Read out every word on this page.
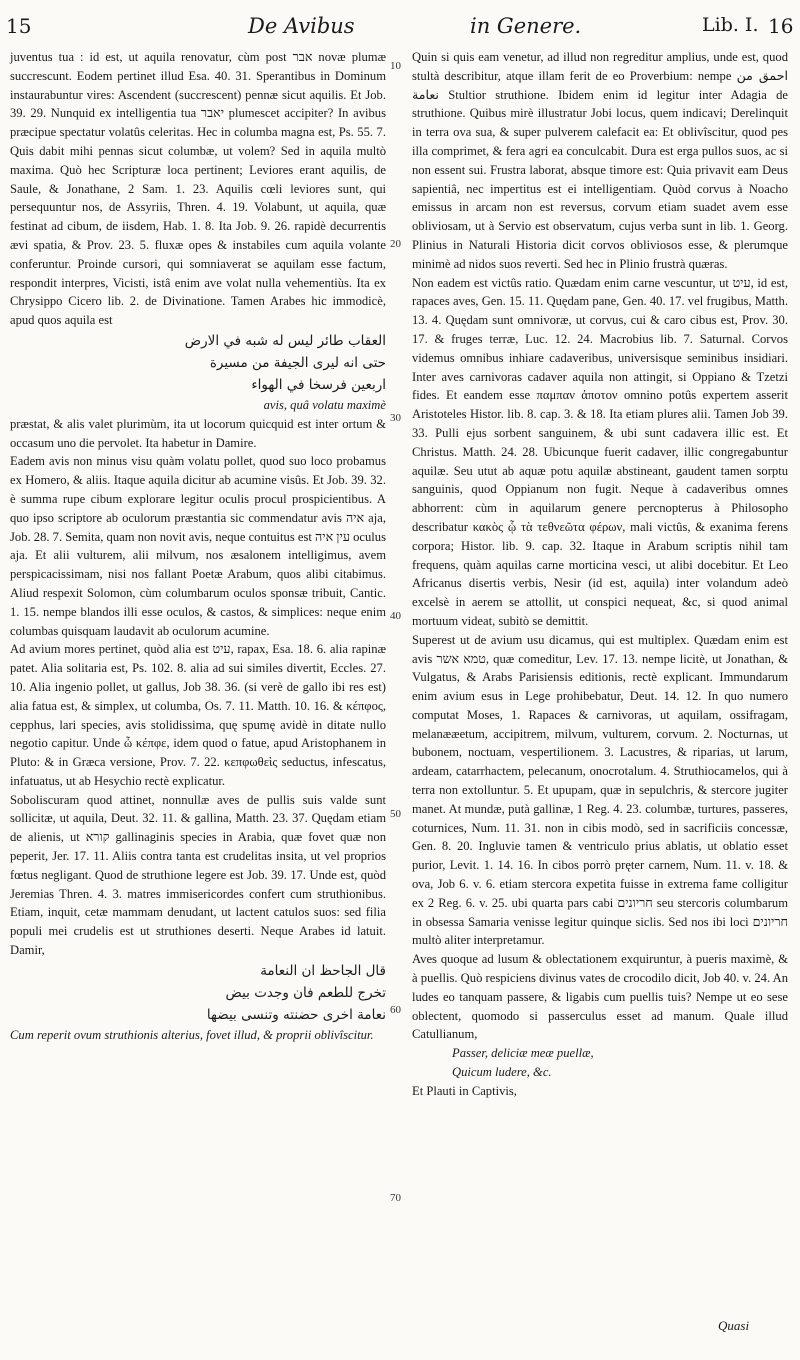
15	De Avibus	in Genere.	Lib. I. 16

juventus tua : id est, ut aquila renovatur, cùm post אבר novæ plumæ succrescunt. Eodem pertinet illud Esa. 40. 31. Sperantibus in Dominum instaurabuntur vires: Ascendent (succrescent) pennæ sicut aquilis. Et Job. 39. 29. Nunquid ex intelligentia tua יאבר plumescet accipiter? In avibus præcipue spectatur volatûs celeritas. Hec in columba magna est, Ps. 55. 7. Quis dabit mihi pennas sicut columbæ, ut volem? Sed in aquila multò maxima. Quò hec Scripturæ loca pertinent; Leviores erant aquilis, de Saule, & Jonathane, 2 Sam. 1. 23. Aquilis cœli leviores sunt, qui persequuntur nos, de Assyriis, Thren. 4. 19. Volabunt, ut aquila, quæ festinat ad cibum, de iisdem, Hab. 1. 8. Ita Job. 9. 26. rapidè decurrentis ævi spatia, & Prov. 23. 5. fluxæ opes & instabiles cum aquila volante conferuntur. Proinde cursori, qui somniaverat se aquilam esse factum, respondit interpres, Vicisti, istâ enim ave volat nulla vehementiùs. Ita ex Chrysippo Cicero lib. 2. de Divinatione. Tamen Arabes hic immodicè, apud quos aquila est

العقاب طائر ليس له شبه في الارض
حتى انه ليرى الجيفة من مسيرة
اربعين فرسخا في الهواء

avis, quâ volatu maximè

præstat, & alis valet plurimùm, ita ut locorum quicquid est inter ortum & occasum uno die pervolet. Ita habetur in Damire.

Eadem avis non minus visu quàm volatu pollet, quod suo loco probamus ex Homero, & aliis. Itaque aquila dicitur ab acumine visûs. Et Job. 39. 32. è summa rupe cibum explorare legitur oculis procul prospicientibus. A quo ipso scriptore ab oculorum præstantia sic commendatur avis איה aja, Job. 28. 7. Semita, quam non novit avis, neque contuitus est עין איה oculus aja. Et alii vulturem, alii milvum, nos æsalonem intelligimus, avem perspicacissimam, nisi nos fallant Poetæ Arabum, quos alibi citabimus. Aliud respexit Solomon, cùm columbarum oculos sponsæ tribuit, Cantic. 1. 15. nempe blandos illi esse oculos, & castos, & simplices: neque enim columbas quisquam laudavit ab oculorum acumine.

Ad avium mores pertinet, quòd alia est עיט, rapax, Esa. 18. 6. alia rapinæ patet. Alia solitaria est, Ps. 102. 8. alia ad sui similes divertit, Eccles. 27. 10. Alia ingenio pollet, ut gallus, Job 38. 36. (si verè de gallo ibi res est) alia fatua est, & simplex, ut columba, Os. 7. 11. Matth. 10. 16. & κέπφος, cepphus, lari species, avis stolidissima, quę spumę avidè in ditate nullo negotio capitur. Unde ὦ κέπφε, idem quod o fatue, apud Aristophanem in Pluto: & in Græca versione, Prov. 7. 22. κεπφωθεὶς seductus, infescatus, infatuatus, ut ab Hesychio rectè explicatur.

Soboliscuram quod attinet, nonnullæ aves de pullis suis valde sunt sollicitæ, ut aquila, Deut. 32. 11. & gallina, Matth. 23. 37. Quędam etiam de alienis, ut קורא gallinaginis species in Arabia, quæ fovet quæ non peperit, Jer. 17. 11. Aliis contra tanta est crudelitas insita, ut vel proprios fœtus negligant. Quod de struthione legere est Job. 39. 17. Unde est, quòd Jeremias Thren. 4. 3. matres immisericordes confert cum struthionibus. Etiam, inquit, cetæ mammam denudant, ut lactent catulos suos: sed filia populi mei crudelis est ut struthiones deserti. Neque Arabes id latuit. Damir,

قال الجاحظ ان النعامة
تخرج للطعم فان وجدت بيض
نعامة اخرى حضنته وتنسى بيضها

Cum reperit ovum struthionis alterius, fovet illud, & proprii oblivîscitur.

10
20
30
40
50
60
70

Quin si quis eam venetur, ad illud non regreditur amplius, unde est, quod stultà describitur, atque illam ferit de eo Proverbium: nempe احمق من نعامة Stultior struthione. Ibidem enim id legitur inter Adagia de struthione. Quibus mirè illustratur Jobi locus, quem indicavi; Derelinquit in terra ova sua, & super pulverem calefacit ea: Et oblivîscitur, quod pes illa comprimet, & fera agri ea conculcabit. Dura est erga pullos suos, ac si non essent sui. Frustra laborat, absque timore est: Quia privavit eam Deus sapientiâ, nec impertitus est ei intelligentiam. Quòd corvus à Noacho emissus in arcam non est reversus, corvum etiam suadet avem esse obliviosam, ut à Servio est observatum, cujus verba sunt in lib. 1. Georg. Plinius in Naturali Historia dicit corvos obliviosos esse, & plerumque minimè ad nidos suos reverti. Sed hec in Plinio frustrà quæras.

Non eadem est victûs ratio. Quædam enim carne vescuntur, ut עיט, id est, rapaces aves, Gen. 15. 11. Quędam pane, Gen. 40. 17. vel frugibus, Matth. 13. 4. Quędam sunt omnivoræ, ut corvus, cui & caro cibus est, Prov. 30. 17. & fruges terræ, Luc. 12. 24. Macrobius lib. 7. Saturnal. Corvos videmus omnibus inhiare cadaveribus, universisque seminibus insidiari. Inter aves carnivoras cadaver aquila non attingit, si Oppiano & Tzetzi fides. Et eandem esse παμπαν ἀποτον omnino potûs expertem asserit Aristoteles Histor. lib. 8. cap. 3. & 18. Ita etiam plures alii. Tamen Job 39. 33. Pulli ejus sorbent sanguinem, & ubi sunt cadavera illic est. Et Christus. Matth. 24. 28. Ubicunque fuerit cadaver, illic congregabuntur aquilæ. Seu utut ab aquæ potu aquilæ abstineant, gaudent tamen sorptu sanguinis, quod Oppianum non fugit. Neque à cadaveribus omnes abhorrent: cùm in aquilarum genere percnopterus à Philosopho describatur κακὸς ᾧ τὰ τεθνεῶτα φέρων, mali victûs, & exanima ferens corpora; Histor. lib. 9. cap. 32. Itaque in Arabum scriptis nihil tam frequens, quàm aquilas carne morticina vesci, ut alibi docebitur. Et Leo Africanus disertis verbis, Nesir (id est, aquila) inter volandum adeò excelsè in aerem se attollit, ut conspici nequeat, &c, si quod animal mortuum videat, subitò se demittit.

Superest ut de avium usu dicamus, qui est multiplex. Quædam enim est avis טמא אשר, quæ comeditur, Lev. 17. 13. nempe licitè, ut Jonathan, & Vulgatus, & Arabs Parisiensis editionis, rectè explicant. Immundarum enim avium esus in Lege prohibebatur, Deut. 14. 12. In quo numero computat Moses, 1. Rapaces & carnivoras, ut aquilam, ossifragam, melanææetum, accipitrem, milvum, vulturem, corvum. 2. Nocturnas, ut bubonem, noctuam, vespertilionem. 3. Lacustres, & riparias, ut larum, ardeam, catarrhactem, pelecanum, onocrotalum. 4. Struthiocamelos, qui à terra non extolluntur. 5. Et upupam, quæ in sepulchris, & stercore jugiter manet. At mundæ, putà gallinæ, 1 Reg. 4. 23. columbæ, turtures, passeres, coturnices, Num. 11. 31. non in cibis modò, sed in sacrificiis concessæ, Gen. 8. 20. Ingluvie tamen & ventriculo prius ablatis, ut oblatio esset purior, Levit. 1. 14. 16. In cibos porrò pręter carnem, Num. 11. v. 18. & ova, Job 6. v. 6. etiam stercora expetita fuisse in extrema fame colligitur ex 2 Reg. 6. v. 25. ubi quarta pars cabi חריונים seu stercoris columbarum in obsessa Samaria venisse legitur quinque siclis. Sed nos ibi loci חריונים multò aliter interpretamur.

Aves quoque ad lusum & oblectationem exquiruntur, à pueris maximè, & à puellis. Quò respiciens divinus vates de crocodilo dicit, Job 40. v. 24. An ludes eo tanquam passere, & ligabis cum puellis tuis? Nempe ut eo sese oblectent, quomodo si passerculus esset ad manum. Quale illud Catullianum,

Passer, deliciæ meæ puellæ,

Quicum ludere, &c.

Et Plauti in Captivis,

Quasi
